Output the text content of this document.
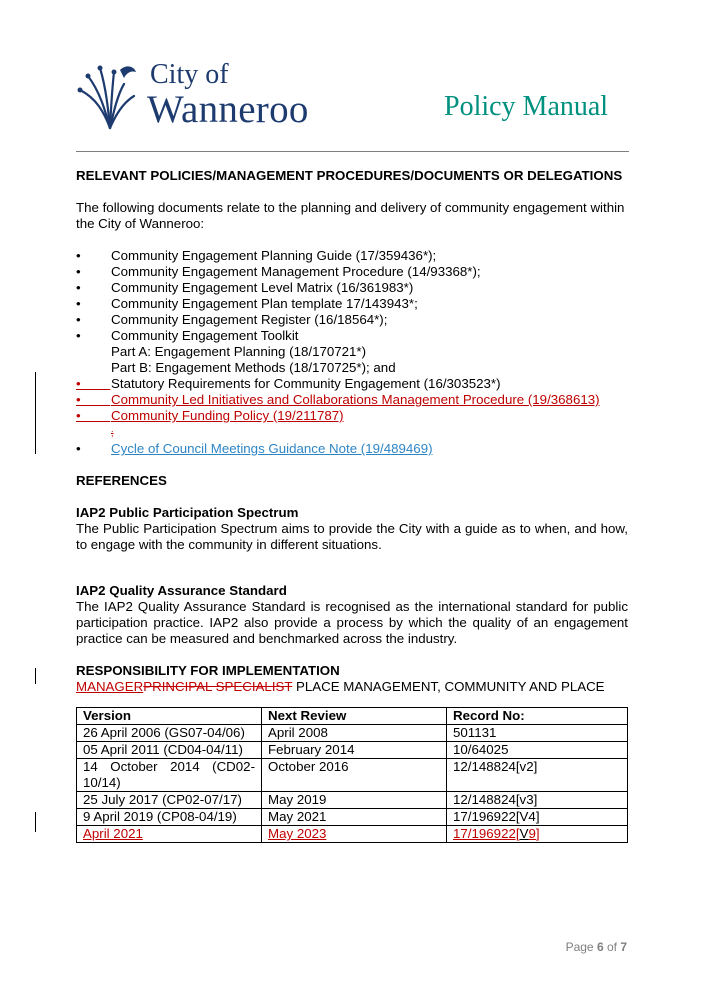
City of
Wanneroo	Policy Manual

RELEVANT POLICIES/MANAGEMENT PROCEDURES/DOCUMENTS OR DELEGATIONS

The following documents relate to the planning and delivery of community engagement within the City of Wanneroo:

•	Community Engagement Planning Guide (17/359436*);
•	Community Engagement Management Procedure (14/93368*);
•	Community Engagement Level Matrix (16/361983*)
•	Community Engagement Plan template 17/143943*;
•	Community Engagement Register (16/18564*);
•	Community Engagement Toolkit
Part A: Engagement Planning (18/170721*)
Part B: Engagement Methods (18/170725*); and
• Statutory Requirements for Community Engagement (16/303523*)
• Community Led Initiatives and Collaborations Management Procedure (19/368613)
• Community Funding Policy (19/211787)
;
•	Cycle of Council Meetings Guidance Note (19/489469)

REFERENCES

IAP2 Public Participation Spectrum

The Public Participation Spectrum aims to provide the City with a guide as to when, and how, to engage with the community in different situations.

IAP2 Quality Assurance Standard

The IAP2 Quality Assurance Standard is recognised as the international standard for public participation practice. IAP2 also provide a process by which the quality of an engagement practice can be measured and benchmarked across the industry.

RESPONSIBILITY FOR IMPLEMENTATION

MANAGERPRINCIPAL SPECIALIST PLACE MANAGEMENT, COMMUNITY AND PLACE

Version	Next Review	Record No:
26 April 2006 (GS07-04/06)	April 2008	501131
05 April 2011 (CD04-04/11)	February 2014	10/64025
14 October 2014 (CD02-10/14)	October 2016	12/148824[v2]
25 July 2017 (CP02-07/17)	May 2019	12/148824[v3]
9 April 2019 (CP08-04/19)	May 2021	17/196922[V4]
April 2021	May 2023	17/196922[V9]
Page 6 of 7
